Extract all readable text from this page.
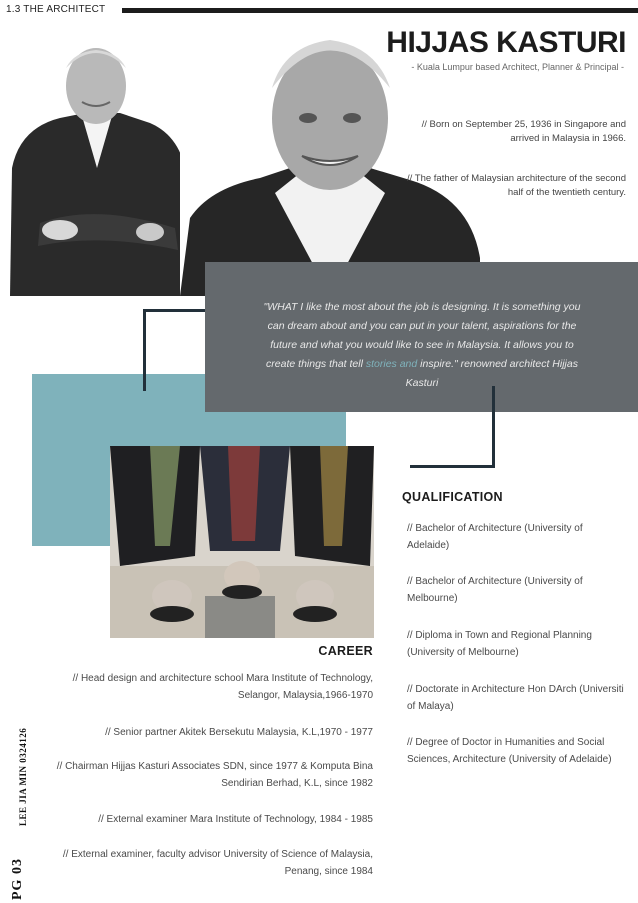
1.3 THE ARCHITECT
HIJJAS KASTURI
- Kuala Lumpur based Architect, Planner & Principal -
// Born on September 25, 1936 in Singapore and arrived in Malaysia in 1966.
// The father of Malaysian architecture of the second half of the twentieth century.
"WHAT I like the most about the job is designing. It is something you can dream about and you can put in your talent, aspirations for the future and what you would like to see in Malaysia. It allows you to create things that tell stories and inspire." renowned architect Hijjas Kasturi
QUALIFICATION
// Bachelor of Architecture (University of Adelaide)
// Bachelor of Architecture (University of Melbourne)
// Diploma in Town and Regional Planning (University of Melbourne)
// Doctorate in Architecture Hon DArch (Universiti of Malaya)
// Degree of Doctor in Humanities and Social Sciences, Architecture (University of Adelaide)
CAREER
// Head design and architecture school Mara Institute of Technology, Selangor, Malaysia,1966-1970
// Senior partner Akitek Bersekutu Malaysia, K.L,1970 - 1977
// Chairman Hijjas Kasturi Associates SDN, since 1977 & Komputa Bina Sendirian Berhad, K.L, since 1982
// External examiner Mara Institute of Technology, 1984 - 1985
// External examiner, faculty advisor University of Science of Malaysia, Penang, since 1984
LEE JIA MIN 0324126
PG 03
